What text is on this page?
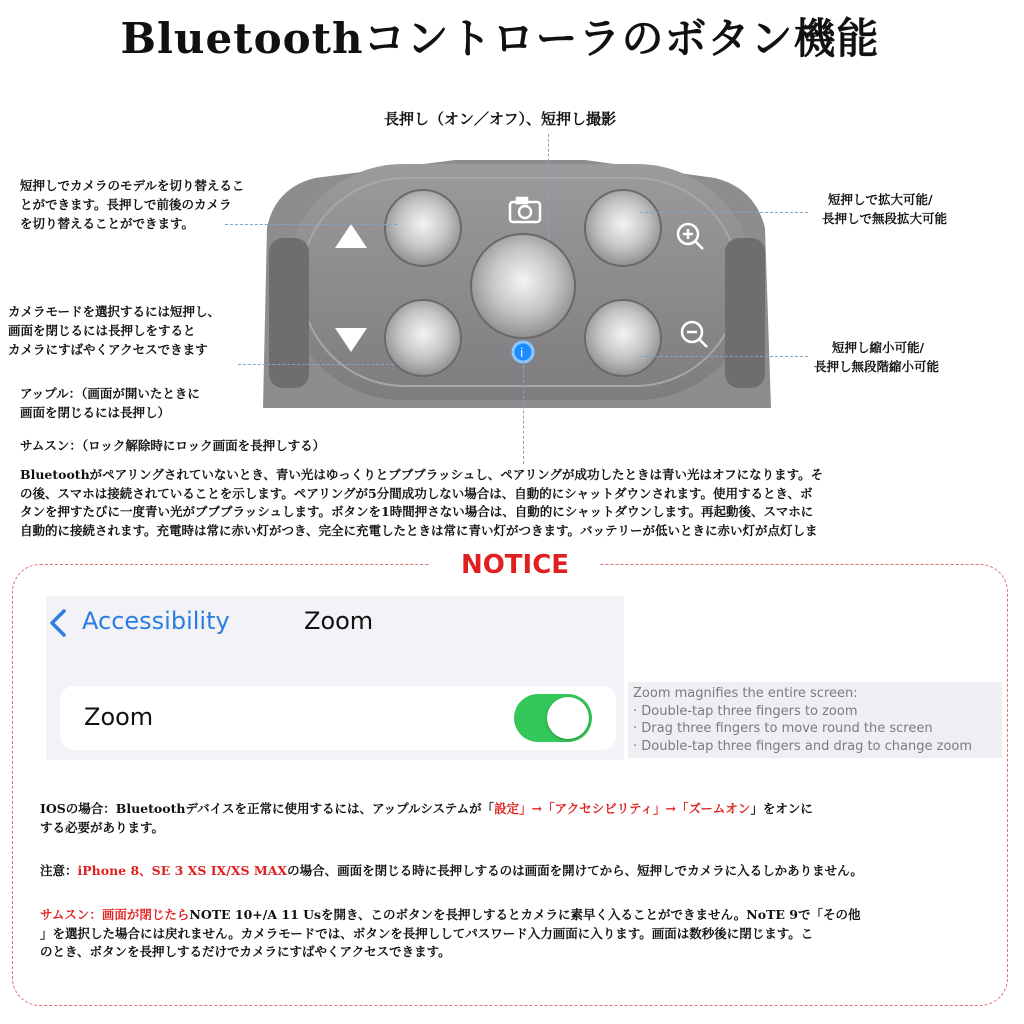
Bluetoothコントローラのボタン機能
長押し（オン／オフ）、短押し撮影
i
短押しでカメラのモデルを切り替えるこ
とができます。長押しで前後のカメラ
を切り替えることができます。
カメラモードを選択するには短押し、
画面を閉じるには長押しをすると
カメラにすばやくアクセスできます
アップル：（画面が開いたときに
画面を閉じるには長押し）
サムスン：（ロック解除時にロック画面を長押しする）
短押しで拡大可能/
長押しで無段拡大可能
短押し縮小可能/
長押し無段階縮小可能
Bluetoothがペアリングされていないとき、青い光はゆっくりとブブブラッシュし、ペアリングが成功したときは青い光はオフになります。そ
の後、スマホは接続されていることを示します。ペアリングが5分間成功しない場合は、自動的にシャットダウンされます。使用するとき、ボ
タンを押すたびに一度青い光がブブブラッシュします。ボタンを1時間押さない場合は、自動的にシャットダウンします。再起動後、スマホに
自動的に接続されます。充電時は常に赤い灯がつき、完全に充電したときは常に青い灯がつきます。バッテリーが低いときに赤い灯が点灯しま
NOTICE
Accessibility	Zoom
Zoom
Zoom magnifies the entire screen:
· Double-tap three fingers to zoom
· Drag three fingers to move round the screen
· Double-tap three fingers and drag to change zoom
IOSの場合：Bluetoothデバイスを正常に使用するには、アップルシステムが「設定」→「アクセシビリティ」→「ズームオン」をオンに
する必要があります。
注意：iPhone 8、SE 3 XS IX/XS MAXの場合、画面を閉じる時に長押しするのは画面を開けてから、短押しでカメラに入るしかありません。
サムスン：画面が閉じたらNOTE 10+/A 11 Usを開き、このボタンを長押しするとカメラに素早く入ることができません。NoTE 9で「その他
」を選択した場合には戻れません。カメラモードでは、ボタンを長押ししてパスワード入力画面に入ります。画面は数秒後に閉じます。こ
のとき、ボタンを長押しするだけでカメラにすばやくアクセスできます。
